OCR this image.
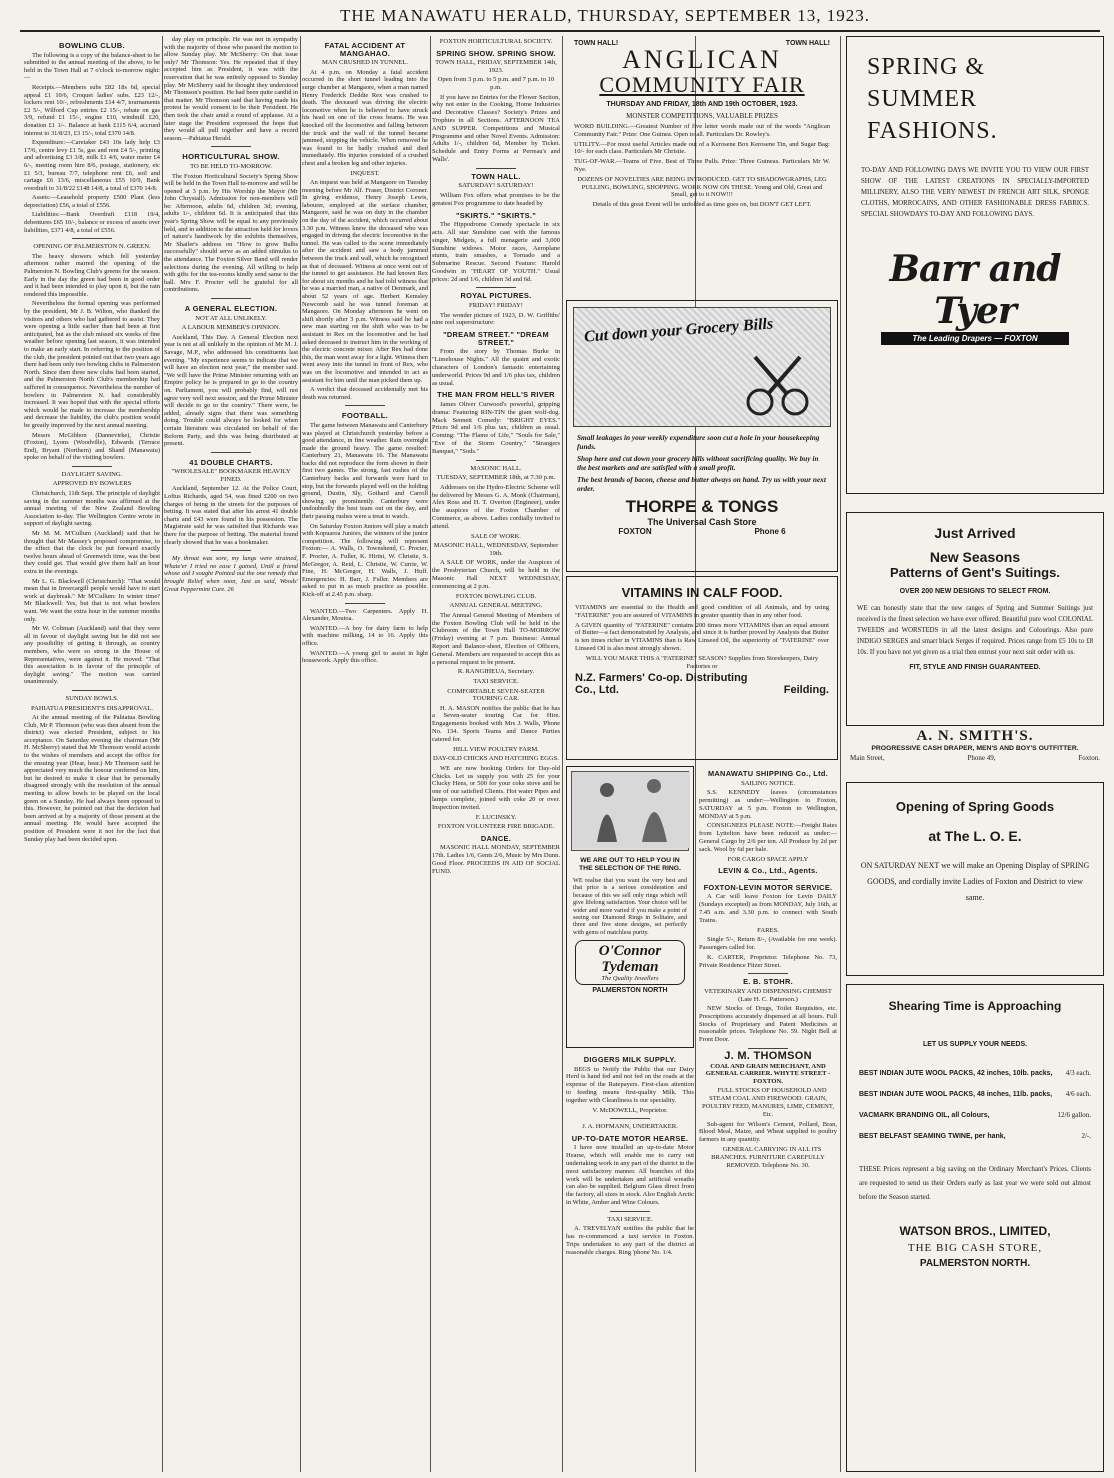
THE MANAWATU HERALD, THURSDAY, SEPTEMBER 13, 1923.
BOWLING CLUB.

The following is a copy of the balance-sheet to be submitted to the annual meeting of the above, to be held in the Town Hall at 7 o'clock to-morrow night:—

Receipts.—Members subs £82 18s 6d, special appeal £1 10/6, Croquet ladies' subs. £23 12/-, lockers rent 10/-, refreshments £14 4/7, tournaments £2 5/-, Wilford Cup entries £2 15/-, rebate on gas 3/9, refund £1 15/-, engine £10, windmill £20, donation £1 1/-. Balance at bank £115 6/4, accrued interest to 31/8/23, £3 15/-, total £370 14/8.

Expenditure:—Caretaker £43 10s lady help £3 17/6, centre levy £1 5s, gas and rent £4 5/-, printing and advertising £3 3/8, milk £1 4/6, water meter £4 6/-, meeting room hire 8/6, postage, stationery, etc £1 5/3, bureau 7/7, telephone rent £6, soil and cartage £6 13/6, miscellaneous £55 10/9, Bank overdraft to 31/8/22 £148 14/8, a total of £370 14/8.

Assets:—Leasehold property £500 Plant (less depreciation) £56, a total of £556.

Liabilities:—Bank Overdraft £118 19/4, debentures £65 10/-, balance or excess of assets over liabilities, £371 4/8, a total of £556.

OPENING OF PALMERSTON N. GREEN.

The heavy showers which fell yesterday afternoon rather marred the opening of the Palmerston N. Bowling Club's greens for the season. Early in the day the green had been in good order and it had been intended to play upon it, but the rain rendered this impossible.

Nevertheless the formal opening was performed by the president, Mr J. B. Wilton, who thanked the visitors and others who had gathered to assist. They were opening a little earlier than had been at first anticipated, but as the club missed six weeks of fine weather before opening last season, it was intended to make an early start. In referring to the position of the club, the president pointed out that two years ago there had been only two bowling clubs in Palmerston North. Since then three new clubs had been started, and the Palmerston North Club's membership had suffered in consequence. Nevertheless the number of bowlers in Palmerston N. had considerably increased. It was hoped that with the special efforts which would be made to increase the membership and decrease the liability, the club's position would be greatly improved by the next annual meeting.

Messrs McGibbon (Dannevirke), Christie (Foxton), Lyons (Woodville), Edwards (Terrace End), Bryant (Northern) and Shand (Manawatu) spoke on behalf of the visiting bowlers.

DAYLIGHT SAVING.
APPROVED BY BOWLERS

Christchurch, 11th Sept. The principle of daylight saving in the summer months was affirmed at the annual meeting of the New Zealand Bowling Association to-day. The Wellington Centre wrote in support of daylight saving.

Mr M. M. M'Cullum (Auckland) said that he thought that Mr Massey's proposed compromise, to the effect that the clock be put forward exactly twelve hours ahead of Greenwich time, was the best they could get. That would give them half an hour extra in the evenings.

Mr L. G. Blackwell (Christchurch): "That would mean that in Invercargill people would have to start work at daybreak." Mr M'Cullum: In winter time? Mr Blackwell: Yes, but that is not what bowlers want. We want the extra hour in the summer months only.

Mr W. Coltman (Auckland) said that they were all in favour of daylight saving but he did not see any possibility of getting it through, as country members, who were so strong in the House of Representatives, were against it. He moved: "That this association is in favour of the principle of daylight saving." The motion was carried unanimously.

SUNDAY BOWLS.
PAHIATUA PRESIDENT'S DISAPPROVAL.

At the annual meeting of the Pahiatua Bowling Club, Mr P. Thomson (who was then absent from the district) was elected President, subject to his acceptance. On Saturday evening the chairman (Mr H. McSherry) stated that Mr Thomson would accede to the wishes of members and accept the office for the ensuing year (Hear, hear.) Mr Thomson said he appreciated very much the honour conferred on him, but he desired to make it clear that he personally disagreed strongly with the resolution of the annual meeting to allow bowls to be played on the local green on a Sunday. He had always been opposed to this. However, he pointed out that the decision had been arrived at by a majority of those present at the annual meeting. He would have accepted the position of President were it not for the fact that Sunday play had been decided upon.

day play on principle. He was not in sympathy with the majority of those who passed the motion to allow Sunday play. Mr McSherry: On that issue only? Mr Thomson: Yes. He repeated that if they accepted him as President, it was with the reservation that he was entirely opposed to Sunday play. Mr McSherry said he thought they understood Mr Thomson's position. He had been quite candid in that matter. Mr Thomson said that having made his protest he would consent to be their President. He then took the chair amid a round of applause. At a later stage the President expressed the hope that they would all pull together and have a record season.—Pahiatua Herald.

HORTICULTURAL SHOW.
TO BE HELD TO-MORROW.

The Foxton Horticultural Society's Spring Show will be held in the Town Hall to-morrow and will be opened at 3 p.m. by His Worship the Mayor (Mr John Chrystall). Admission for non-members will be: Afternoon, adults 6d, children 3d; evening, adults 1/-, children 6d. It is anticipated that this year's Spring Show will be equal to any previously held, and in addition to the attraction held for lovers of nature's handiwork by the exhibits themselves, Mr Shailer's address on "How to grow Bulbs successfully" should serve as an added stimulus to the attendance. The Foxton Silver Band will render selections during the evening. All willing to help with gifts for the tea-rooms kindly send same to the hall. Mrs F. Procter will be grateful for all contributions.

A GENERAL ELECTION.
NOT AT ALL UNLIKELY.
A LABOUR MEMBER'S OPINION.

Auckland, This Day. A General Election next year is not at all unlikely in the opinion of Mr M. J. Savage, M.P., who addressed his constituents last evening. "My experience seems to indicate that we will have an election next year," the member said. "We will have the Prime Minister returning with an Empire policy he is prepared to go to the country on. Parliament, you will probably find, will not agree very well next session, and the Prime Minister will decide to go to the country." There were, he added, already signs that there was something doing. Trouble could always be looked for when certain literature was circulated on behalf of the Reform Party, and this was being distributed at present.

41 DOUBLE CHARTS.
"WHOLESALE" BOOKMAKER HEAVILY FINED.

Auckland, September 12. At the Police Court, Loftus Richards, aged 54, was fined £200 on two charges of being in the streets for the purposes of betting. It was stated that after his arrest 41 double charts and £43 were found in his possession. The Magistrate said he was satisfied that Richards was there for the purpose of betting. The material found clearly showed that he was a bookmaker.

My throat was sore, my lungs were strained, Whate'er I tried no ease I gained, Until a friend whose aid I sought Pointed out the one remedy that brought Relief when soon, Just as said, Woods' Great Peppermint Cure. 26

FATAL ACCIDENT AT MANGAHAO.
MAN CRUSHED IN TUNNEL.

At 4 p.m. on Monday a fatal accident occurred in the short tunnel leading into the surge chamber at Mangaore, when a man named Henry Frederick Deddie Rex was crushed to death. The deceased was driving the electric locomotive when he is believed to have struck his head on one of the cross beams. He was knocked off the locomotive and falling between the truck and the wall of the tunnel became jammed, stopping the vehicle. When removed he was found to be badly crushed and died immediately. His injuries consisted of a crushed chest and a broken leg and other injuries.

INQUEST.

An inquest was held at Mangaore on Tuesday morning before Mr Alf. Fraser, District Coroner. In giving evidence, Henry Joseph Lewis, labourer, employed at the surface chamber, Mangaore, said he was on duty in the chamber on the day of the accident, which occurred about 3.30 p.m. Witness knew the deceased who was engaged in driving the electric locomotive in the tunnel. He was called to the scene immediately after the accident and saw a body jammed between the truck and wall, which he recognised as that of deceased. Witness at once went out of the tunnel to get assistance. He had known Rex for about six months and he had told witness that he was a married man, a native of Denmark, and about 52 years of age. Herbert Kemsley Newcomb said he was tunnel foreman at Mangaore. On Monday afternoon he went on shift shortly after 3 p.m. Witness said he had a new man starting on the shift who was to be assistant to Rex on the locomotive and he had asked deceased to instruct him in the working of the electric concrete mixer. After Rex had done this, the man went away for a light. Witness then went away into the tunnel in front of Rex, who was on the locomotive and intended to act as assistant for him until the man picked them up.

A verdict that deceased accidentally met his death was returned.

FOOTBALL.

The game between Manawatu and Canterbury was played at Christchurch yesterday before a good attendance, in fine weather. Rain overnight made the ground heavy. The game resulted: Canterbury 21, Manawatu 16. The Manawatu backs did not reproduce the form shown in their first two games. The strong, fast rushes of the Canterbury backs and forwards were hard to stop, but the forwards played well on the holding ground, Dustin, Sly, Gothard and Carroll showing up prominently. Canterbury were undoubtedly the best team out on the day, and their passing rushes were a treat to watch.

On Saturday Foxton Juniors will play a match with Kopuaroa Juniors, the winners of the junior competition. The following will represent Foxton:— A. Walls, O. Townshend, C. Procter, F. Procter, A. Fuller, K. Hirini, W. Christie, S. McGregor, A. Reid, L. Christie, W. Currie, W. Fine, H. McGregor, H. Walls, J. Huff. Emergencies: H. Barr, J. Fuller. Members are asked to put in as much practice as possible. Kick-off at 2.45 p.m. sharp.

WANTED.—Two Carpenters. Apply H. Alexander, Moutoa.

WANTED.—A boy for dairy farm to help with machine milking, 14 to 16. Apply this office.

WANTED.—A young girl to assist in light housework. Apply this office.

FOXTON HORTICULTURAL SOCIETY.
SPRING SHOW. SPRING SHOW.
TOWN HALL, FRIDAY, SEPTEMBER 14th, 1923.
Open from 3 p.m. to 5 p.m. and 7 p.m. to 10 p.m.

If you have no Entries for the Flower Section, why not enter in the Cooking, Home Industries and Decorative Classes? Society's Prizes and Trophies in all Sections. AFTERNOON TEA AND SUPPER. Competitions and Musical Programme and other Novel Events. Admission: Adults 1/-, children 6d, Member by Ticket. Schedule and Entry Forms at Perreau's and Walls'.

TOWN HALL.
SATURDAY! SATURDAY!

William Fox offers what promises to be the greatest Fox programme to date headed by

"SKIRTS." "SKIRTS."

The Hippodrome Comedy spectacle in six acts. All star Sunshine cast with the famous singer, Midgets, a full menagerie and 3,000 Sunshine widows. Motor races, Aeroplane stunts, train smashes, a Tornado and a Submarine Rescue. Second Feature: Harold Goodwin in "HEART OF YOUTH." Usual prices: 2d and 1/6, children 3d and 6d.

ROYAL PICTURES.
FRIDAY! FRIDAY!

The wonder picture of 1923, D. W. Griffiths' nine reel superstructure:

"DREAM STREET." "DREAM STREET."

From the story by Thomas Burke in "Limehouse Nights." All the quaint and exotic characters of London's fantastic entertaining underworld. Prices 9d and 1/6 plus tax, children as usual.

THE MAN FROM HELL'S RIVER

James Oliver Curwood's powerful, gripping drama: Featuring RIN-TIN the giant wolf-dog. Mack Sennett Comedy: "BRIGHT EYES." Prices 9d and 1/6 plus tax, children as usual. Coming: "The Flame of Life," "Souls for Sale," "Eve of the Storm Country," "Strangers Banquet," "Sods."

MASONIC HALL.
TUESDAY, SEPTEMBER 18th, at 7.30 p.m.

Addresses on the Hydro-Electric Scheme will be delivered by Messrs G. A. Monk (Chairman), Alex Ross and H. T. Overton (Engineer), under the auspices of the Foxton Chamber of Commerce, as above. Ladies cordially invited to attend.

SALE OF WORK.
MASONIC HALL, WEDNESDAY, September 19th.

A SALE OF WORK, under the Auspices of the Presbyterian Church, will be held in the Masonic Hall NEXT WEDNESDAY, commencing at 2 p.m.

FOXTON BOWLING CLUB.
ANNUAL GENERAL MEETING.

The Annual General Meeting of Members of the Foxton Bowling Club will be held in the Clubroom of the Town Hall TO-MORROW (Friday) evening at 7 p.m. Business: Annual Report and Balance-sheet, Election of Officers, General. Members are requested to accept this as a personal request to be present.

R. RANGIHEUA, Secretary.
TAXI SERVICE.
COMFORTABLE SEVEN-SEATER TOURING CAR.

H. A. MASON notifies the public that he has a Seven-seater touring Car for Hire. Engagements booked with Mrs J. Walls, 'Phone No. 134. Sports Teams and Dance Parties catered for.

HILL VIEW POULTRY FARM.
DAY-OLD CHICKS AND HATCHING EGGS.

WE are now booking Orders for Day-old Chicks. Let us supply you with 25 for your Clucky Hens, or 500 for your coke stove and be one of our satisfied Clients. Hot water Pipes and lamps complete, joined with coke 20 or over. Inspection invited.

F. LUCINSKY.
FOXTON VOLUNTEER FIRE BRIGADE.
DANCE.

MASONIC HALL MONDAY, SEPTEMBER 17th. Ladies 1/6, Gents 2/6, Music by Mrs Dunn. Good Floor. PROCEEDS IN AID OF SOCIAL FUND.

TOWN HALL!	TOWN HALL!
ANGLICAN
COMMUNITY FAIR
THURSDAY AND FRIDAY, 18th AND 19th OCTOBER, 1923.
MONSTER COMPETITIONS, VALUABLE PRIZES

WORD BUILDING.—Greatest Number of five letter words made out of the words "Anglican Community Fair." Prize: One Guinea. Open to all. Particulars Dr. Rowley's.

UTILITY.—For most useful Articles made out of a Kerosene Box Kerosene Tin, and Sugar Bag: 10/- for each class. Particulars Mr Christie.

TUG-OF-WAR.—Teams of Five. Best of Three Pulls. Prize: Three Guineas. Particulars Mr W. Nye.

DOZENS OF NOVELTIES ARE BEING INTRODUCED. GET TO SHADOWGRAPHS, LEG PULLING, BOWLING, SHOPPING. WORK NOW ON THESE. Young and Old, Great and Small, get to it NOW!!!

Details of this great Event will be unfolded as time goes on, but DON'T GET LEFT.

Cut down your Grocery Bills

Small leakages in your weekly expenditure soon cut a hole in your housekeeping funds.

Shop here and cut down your grocery bills without sacrificing quality. We buy in the best markets and are satisfied with a small profit.

The best brands of bacon, cheese and butter always on hand. Try us with your next order.

THORPE & TONGS
The Universal Cash Store
FOXTON	Phone 6
VITAMINS IN CALF FOOD.

VITAMINS are essential to the Health and good condition of all Animals, and by using "FATERINE" you are assured of VITAMINS in greater quantity than in any other food.

A GIVEN quantity of "FATERINE" contains 200 times more VITAMINS than an equal amount of Butter—a fact demonstrated by Analysis, and since it is further proved by Analysis that Butter is ten times richer in VITAMINS than is Raw Linseed Oil, the superiority of "FATERINE" over Linseed Oil is also most strongly shown.

WILL YOU MAKE THIS A "FATERINE" SEASON? Supplies from Storekeepers, Dairy Factories or

N.Z. Farmers' Co-op. Distributing Co., Ltd.	Feilding.
WE ARE OUT TO HELP YOU IN THE SELECTION OF THE RING.

WE realise that you want the very best and that price is a serious consideration and because of this we sell only rings which will give lifelong satisfaction. Your choice will be wider and more varied if you make a point of seeing our Diamond Rings in Solitaire, and three and five stone designs, set perfectly with gems of matchless purity.

O'Connor
Tydeman
The Quality Jewellers
PALMERSTON NORTH
DIGGERS MILK SUPPLY.

BEGS to Notify the Public that our Dairy Herd is hand fed and not fed on the roads at the expense of the Ratepayers. First-class attention to feeding means first-quality Milk. This together with Cleanliness is our speciality.

V. McDOWELL, Proprietor.
J. A. HOFMANN, UNDERTAKER.
UP-TO-DATE MOTOR HEARSE.

I have now installed an up-to-date Motor Hearse, which will enable me to carry out undertaking work in any part of the district in the most satisfactory manner. All branches of this work will be undertaken and artificial wreaths can also be supplied. Belgium Glass direct from the factory, all sizes in stock. Also English Arctic in White, Amber and Wine Colours.

TAXI SERVICE.

A. TREVELYAN notifies the public that he has re-commenced a taxi service in Foxton. Trips undertaken to any part of the district at reasonable charges. Ring 'phone No. 1/4.

MANAWATU SHIPPING Co., Ltd.
SAILING NOTICE.

S.S. KENNEDY leaves (circumstances permitting) as under:—Wellington to Foxton, SATURDAY at 5 p.m. Foxton to Wellington, MONDAY at 5 p.m.

CONSIGNEES PLEASE NOTE:—Freight Rates from Lyttelton have been reduced as under:—General Cargo by 2/6 per ton. All Produce by 2d per sack. Wool by 6d per bale.

FOR CARGO SPACE APPLY
LEVIN & Co., Ltd., Agents.
FOXTON-LEVIN MOTOR SERVICE.

A Car will leave Foxton for Levin DAILY (Sundays excepted) as from MONDAY, July 16th, at 7.45 a.m. and 3.30 p.m. to connect with South Trains.

FARES.

Single 5/-, Return 8/-, (Available for one week). Passengers called for.

K. CARTER, Proprietor. Telephone No. 73, Private Residence Fitzer Street.

E. B. STOHR.
VETERINARY AND DISPENSING CHEMIST (Late H. C. Patterson.)

NEW Stocks of Drugs, Toilet Requisites, etc. Prescriptions accurately dispensed at all hours. Full Stocks of Proprietary and Patent Medicines at reasonable prices. Telephone No. 59. Night Bell at Front Door.

J. M. THOMSON
COAL AND GRAIN MERCHANT, AND GENERAL CARRIER. WHYTE STREET - FOXTON.

FULL STOCKS OF HOUSEHOLD AND STEAM COAL AND FIREWOOD. GRAIN, POULTRY FEED, MANURES, LIME, CEMENT, Etc.

Sub-agent for Wilson's Cement, Pollard, Bran, Blood Meal, Maize, and Wheat supplied to poultry farmers in any quantity.

GENERAL CARRYING IN ALL ITS BRANCHES. FURNITURE CAREFULLY REMOVED. Telephone No. 30.

SPRING &
SUMMER
FASHIONS.

TO-DAY AND FOLLOWING DAYS WE INVITE YOU TO VIEW OUR FIRST SHOW OF THE LATEST CREATIONS IN SPECIALLY-IMPORTED MILLINERY, ALSO THE VERY NEWEST IN FRENCH ART SILK, SPONGE CLOTHS, MORROCAINS, AND OTHER FASHIONABLE DRESS FABRICS. SPECIAL SHOWDAYS TO-DAY AND FOLLOWING DAYS.

Barr and Tyer
The Leading Drapers — FOXTON
Just Arrived
New Seasons
Patterns of Gent's Suitings.
OVER 200 NEW DESIGNS TO SELECT FROM.

WE can honestly state that the new ranges of Spring and Summer Suitings just received is the finest selection we have ever offered. Beautiful pure wool COLONIAL TWEEDS and WORSTEDS in all the latest designs and Colourings. Also pure INDIGO SERGES and smart black Serges if required. Prices range from £5 10s to £8 10s. If you have not yet given us a trial then entrust your next suit order with us.

FIT, STYLE AND FINISH GUARANTEED.
A. N. SMITH'S.
PROGRESSIVE CASH DRAPER, MEN'S AND BOY'S OUTFITTER.
Main Street,	Phone 49,	Foxton.
Opening of Spring Goods
at The L. O. E.

ON SATURDAY NEXT we will make an Opening Display of SPRING GOODS, and cordially invite Ladies of Foxton and District to view same.

Shearing Time is Approaching
LET US SUPPLY YOUR NEEDS.
BEST INDIAN JUTE WOOL PACKS, 42 inches, 10lb. packs, 4/3 each.
BEST INDIAN JUTE WOOL PACKS, 48 inches, 11lb. packs, 4/6 each.
VACMARK BRANDING OIL, all Colours,	12/6 gallon.
BEST BELFAST SEAMING TWINE, per hank,	2/-.

THESE Prices represent a big saving on the Ordinary Merchant's Prices. Clients are requested to send us their Orders early as last year we were sold out almost before the Season started.

WATSON BROS., LIMITED,
THE BIG CASH STORE,
PALMERSTON NORTH.
